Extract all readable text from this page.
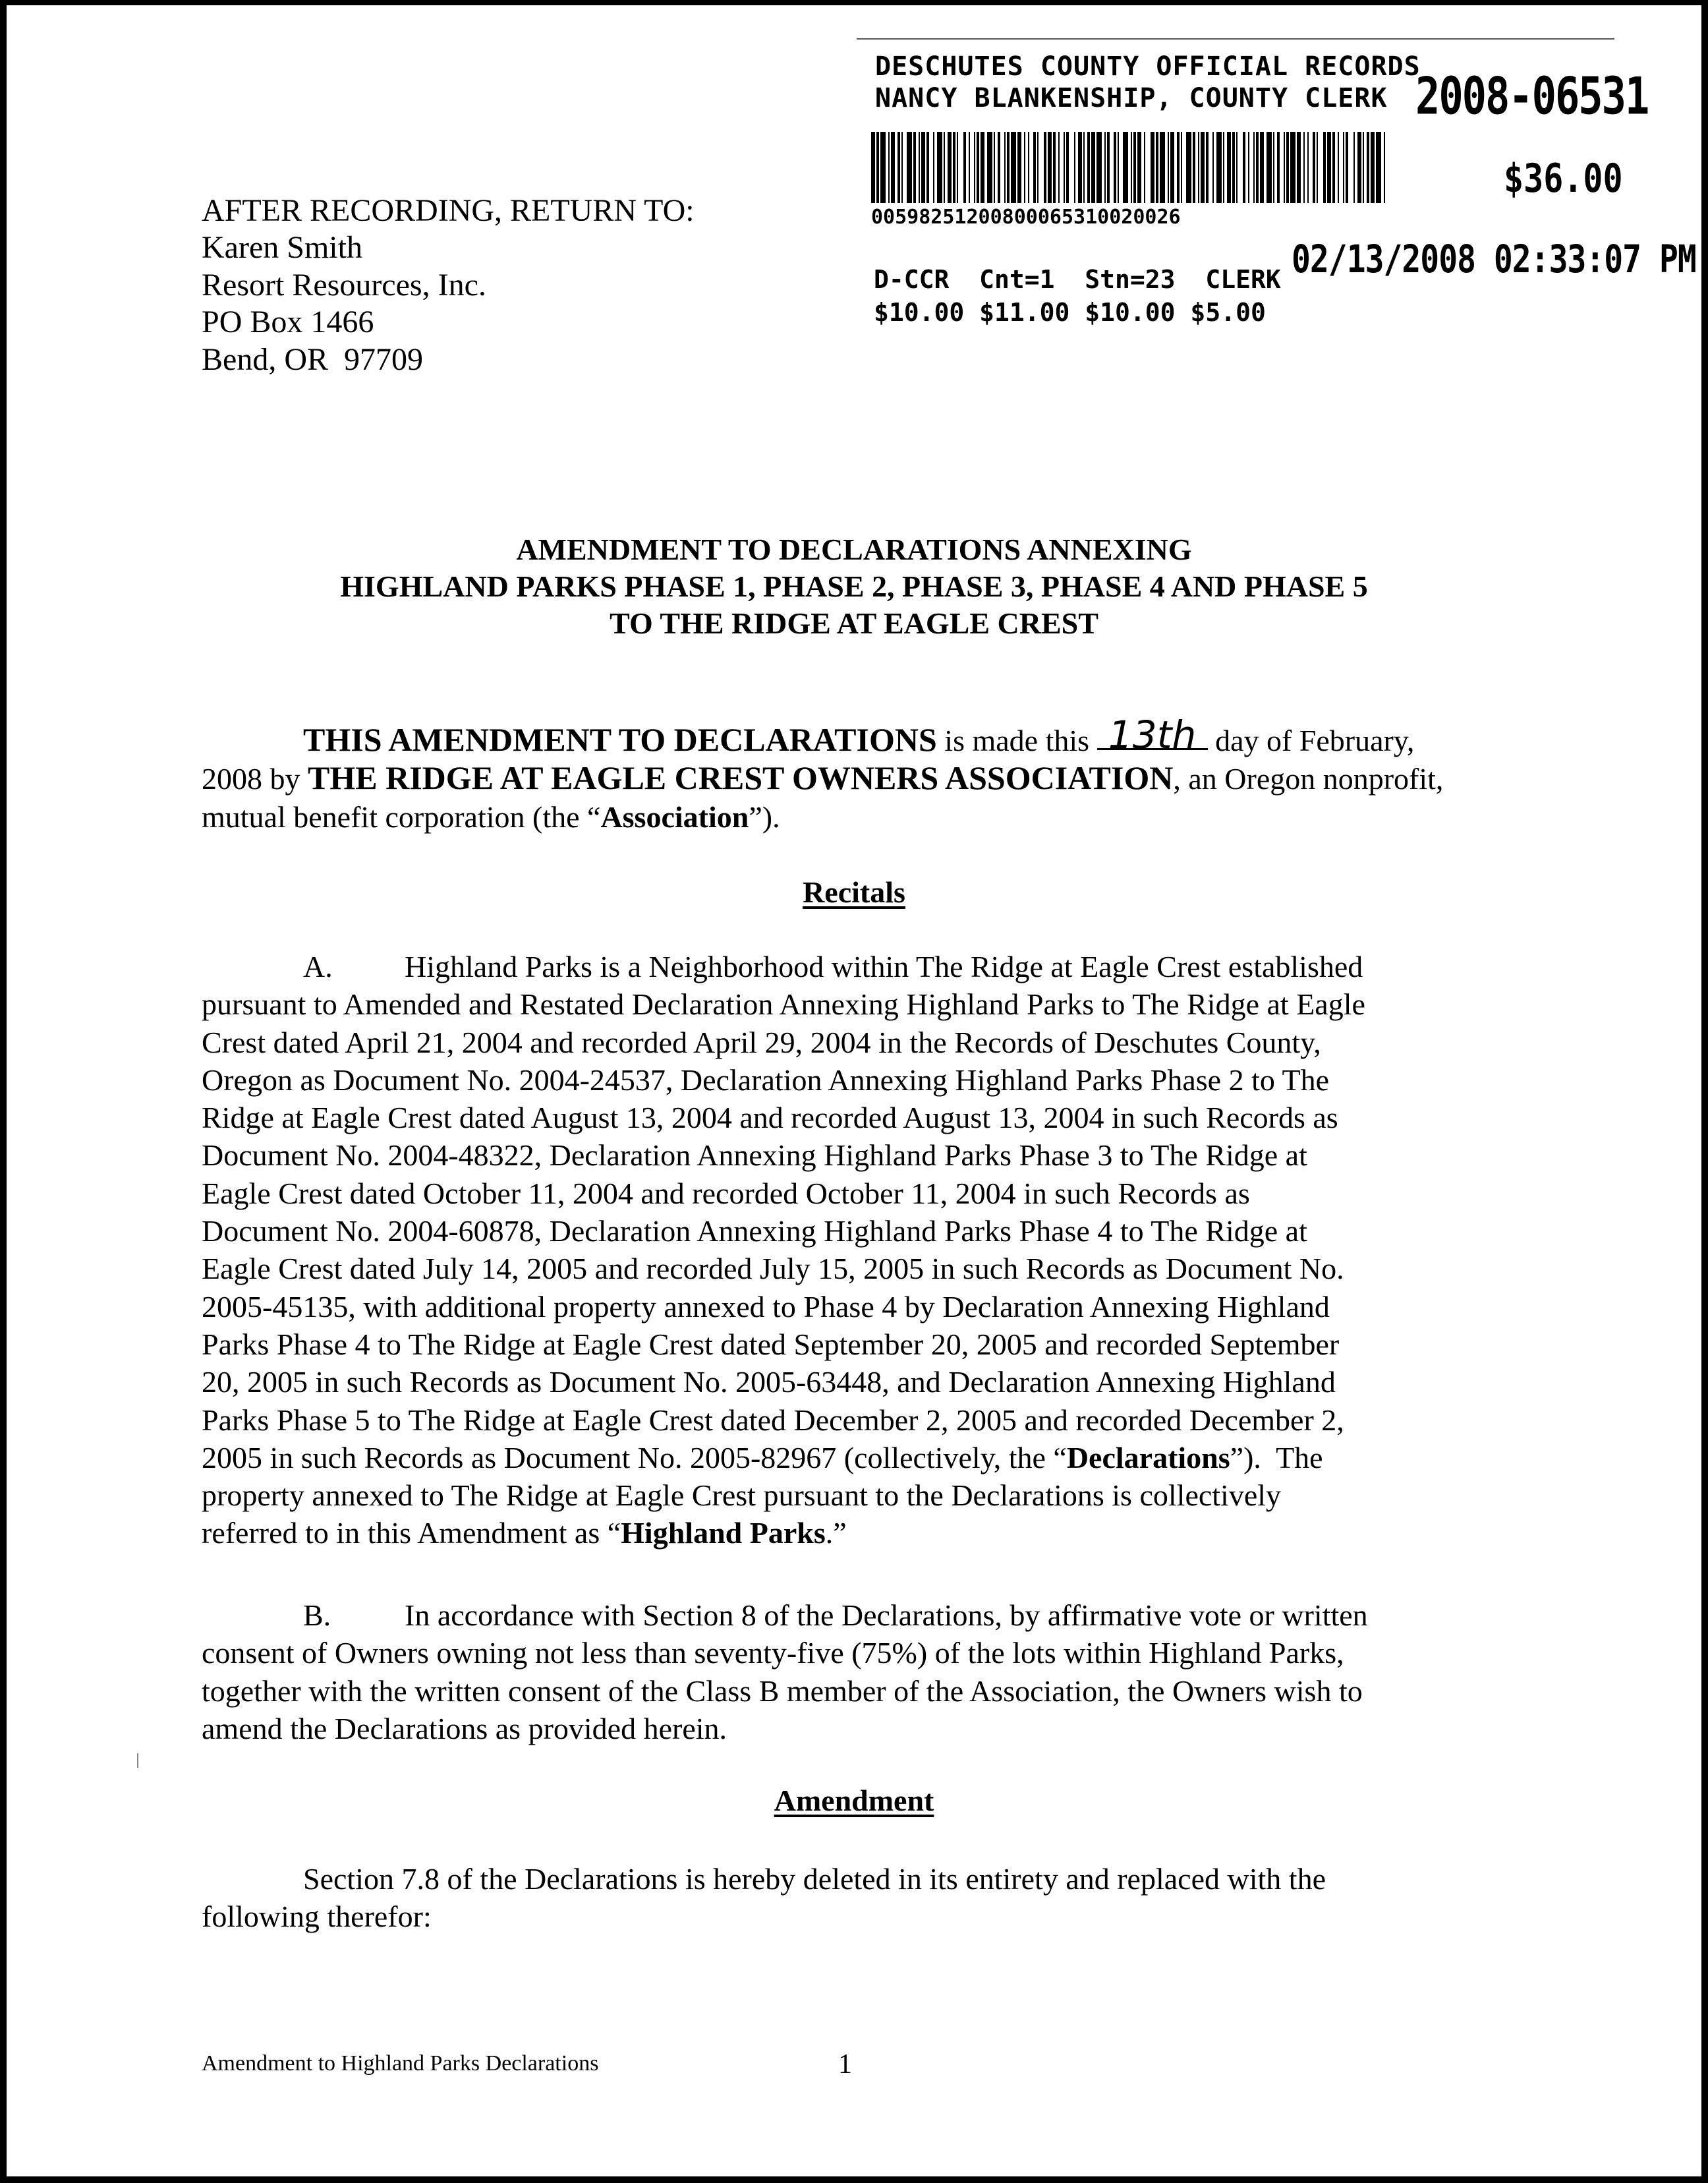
DESCHUTES COUNTY OFFICIAL RECORDS
NANCY BLANKENSHIP, COUNTY CLERK 2008-06531
$36.00
00598251200800065310020026
02/13/2008 02:33:07 PM
D-CCR  Cnt=1  Stn=23  CLERK
$10.00 $11.00 $10.00 $5.00
AFTER RECORDING, RETURN TO:
Karen Smith
Resort Resources, Inc.
PO Box 1466
Bend, OR  97709
AMENDMENT TO DECLARATIONS ANNEXING
HIGHLAND PARKS PHASE 1, PHASE 2, PHASE 3, PHASE 4 AND PHASE 5
TO THE RIDGE AT EAGLE CREST
THIS AMENDMENT TO DECLARATIONS is made this 13th day of February,
2008 by THE RIDGE AT EAGLE CREST OWNERS ASSOCIATION, an Oregon nonprofit,
mutual benefit corporation (the “Association”).
Recitals
A. Highland Parks is a Neighborhood within The Ridge at Eagle Crest established
pursuant to Amended and Restated Declaration Annexing Highland Parks to The Ridge at Eagle
Crest dated April 21, 2004 and recorded April 29, 2004 in the Records of Deschutes County,
Oregon as Document No. 2004-24537, Declaration Annexing Highland Parks Phase 2 to The
Ridge at Eagle Crest dated August 13, 2004 and recorded August 13, 2004 in such Records as
Document No. 2004-48322, Declaration Annexing Highland Parks Phase 3 to The Ridge at
Eagle Crest dated October 11, 2004 and recorded October 11, 2004 in such Records as
Document No. 2004-60878, Declaration Annexing Highland Parks Phase 4 to The Ridge at
Eagle Crest dated July 14, 2005 and recorded July 15, 2005 in such Records as Document No.
2005-45135, with additional property annexed to Phase 4 by Declaration Annexing Highland
Parks Phase 4 to The Ridge at Eagle Crest dated September 20, 2005 and recorded September
20, 2005 in such Records as Document No. 2005-63448, and Declaration Annexing Highland
Parks Phase 5 to The Ridge at Eagle Crest dated December 2, 2005 and recorded December 2,
2005 in such Records as Document No. 2005-82967 (collectively, the “Declarations”).  The
property annexed to The Ridge at Eagle Crest pursuant to the Declarations is collectively
referred to in this Amendment as “Highland Parks.”
B. In accordance with Section 8 of the Declarations, by affirmative vote or written
consent of Owners owning not less than seventy-five (75%) of the lots within Highland Parks,
together with the written consent of the Class B member of the Association, the Owners wish to
amend the Declarations as provided herein.
Amendment
Section 7.8 of the Declarations is hereby deleted in its entirety and replaced with the
following therefor:
Amendment to Highland Parks Declarations	1
